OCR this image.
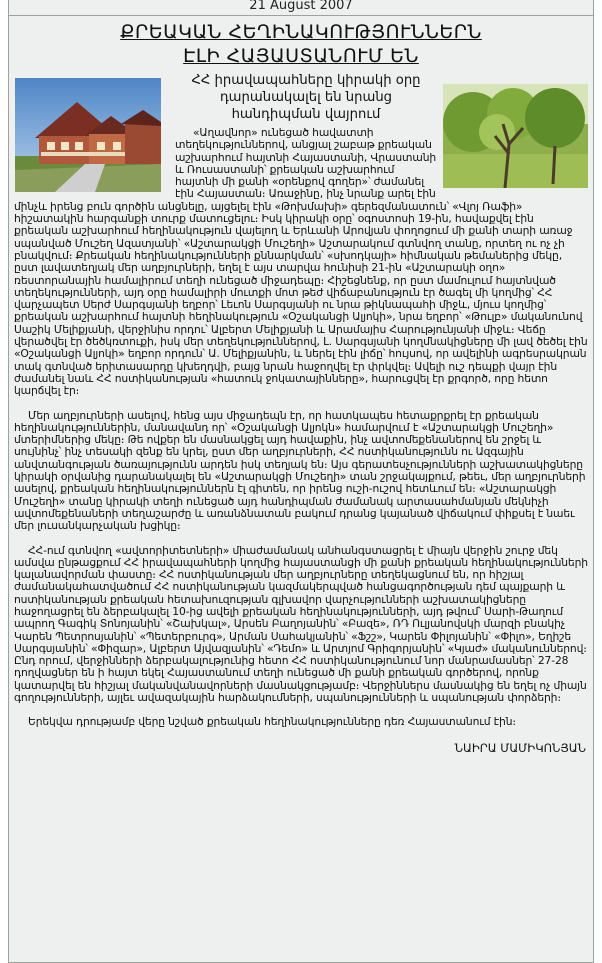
21 August 2007
ՔՐԵԱԿԱՆ ՀԵՂԻՆԱԿՈՒԹՅՈՒՆՆԵՐՆ
ԷԼԻ ՀԱՅԱՍՏԱՆՈՒՄ ԵՆ
ՀՀ իրավապահները կիրակի օրը դարանակալել են նրանց հանդիպման վայրում

«Աղավնոր» ունեցած հավատտի տեղեկություններով, անցյալ շաբաթ քրեական աշխարհում հայտնի Հայաստանի, Վրաստանի և Ռուսաստանի՝ քրեական աշխարհում հայտնի մի քանի «օրենքով գողեր»՝ ժամանել էին Հայաստան։ Առաջինը, ինչ նրանք արել էին մինչև իրենց բուն գործին անցնելը, այցելել էին «Թոխմախի» գերեզմանատուն՝ «Վլոյ Ռաֆի» հիշատակին հարգանքի տուրք մատուցելու։ Իսկ կիրակի օրը՝ օգոստոսի 19-ին, հավաքվել էին քրեական աշխարհում հեղինակություն վայելող և Երևանի Արովյան փողոցում մի քանի տարի առաջ սպանված Մուշեղ Ազատյանի՝ «Աշտարակցի Մուշեղի» Աշտարակում գտնվող տանը, որտեղ ու ոչ չի բնակվում։ Քրեական հեղինակությունների քննարկման՝ «սխոդկայի» հիմնական թեմաներից մեկը, ըստ լավատեղյակ մեր աղբյուրների, եղել է այս տարվա հունիսի 21-ին «Աշտարակի օղո» ռեստորանային համալիրում տեղի ունեցած միջադեպը։ Հիշեցնենք, որ ըստ մամուլում հայտնված տեղեկությունների, այդ օրը համալիրի մուտքի մոտ թեժ վիճաբանություն էր ծագել մի կողմից՝ ՀՀ վարչապետ Սերժ Սարգսյանի եղբոր՝ Լեւոն Սարգսյանի ու նրա թիկնապահի միջև, մյուս կողմից՝ քրեական աշխարհում հայտնի հեղինակություն «Օշականցի Ալյոկի», նրա եղբոր՝ «Թուլբ» մականունով Սաշիկ Մելիքյանի, վերջինիս որդու՝ Ալբերտ Մելիքյանի և Արամայիս Հարությունյանի միջև։ Վեճը վերածվել էր ծեծկռտուքի, իսկ մեր տեղեկություններով, Լ. Սարգսյանի կողմնակիցները մի լավ ծեծել էին «Օշականցի Ալյոկի» եղբոր որդուն՝ Ա. Մելիքյանին, և ներել էին լիճը՝ հույսով, որ ավելինի ագրեսրակրան տակ գտնված երիտասարդը կխեղդվի, բայց նրան հաջողվել էր փրկվել։ Ավելի ուշ դեպքի վայր էին ժամանել նաև ՀՀ ոստիկանության «հատուկ ջոկատայինները», հարուցվել էր քրգործ, որը հետո կարճվել էր։

Մեր աղբյուրների ասելով, հենց այս միջադեպն էր, որ հատկապես հետաքրքրել էր քրեական հեղինակություններին, մանավանդ որ՝ «Օշականցի Ալյոկն» համարվում է «Աշտարակցի Մուշեղի» մտերիմներից մեկը։ Թե ովքեր են մասնակցել այդ հավաքին, ինչ ավտոմեքենաներով են շրջել և սույնինչ՝ ինչ տեսակի զենք են կրել, ըստ մեր աղբյուրների, ՀՀ ոստիկանությունն ու Ազգային անվտանգության ծառայությունն արդեն իսկ տեղյակ են։ Այս գերատեսչությունների աշխատակիցները կիրակի օրվանից դարանակալել են «Աշտարակցի Մուշեղի» տան շրջակայքում, թեեւ, մեր աղբյուրների ասելով, քրեական հեղինակություններն էլ գիտեն, որ իրենց ուշի-ուշով հետևում են։ «Աշտարակցի Մուշեղի» տանը կիրակի տեղի ունեցած այդ հանդիպման ժամանակ արտասահմանյան մեկնիչի ավտոմեքենաների տեղաշարժը և առանձնատան բակում դրանց կայանած վիճակում փիքսել է նաեւ մեր լուսանկարչական խցիկը։

ՀՀ-ում գտնվող «ավտորիտետների» միաժամանակ անհանգստացրել է միայն վերջին շուրջ մեկ ամսվա ընթացքում ՀՀ իրավապահների կողմից հայաստանցի մի քանի քրեական հեղինակությունների կալանավորման փաստը։ ՀՀ ոստիկանության մեր աղբյուրները տեղեկացնում են, որ հիշյալ ժամանակահատվածում ՀՀ ոստիկանության կազմակերպված հանցագործության դեմ պայքարի և ոստիկանության քրեական հետախուզության գլխավոր վարչությունների աշխատակիցները հաջողացրել են ձերբակալել 10-ից ավելի քրեական հեղինակությունների, այդ թվում՝ Սարի-Թաղում ապրող Գագիկ Տոնոյանին՝ «Շախկալ», Արսեն Բաղոյանին՝ «Բազե», ՌԴ Ուլյանովսկի մարզի բնակիչ Կարեն Պետրոսյանին՝ «Պետերբուրգ», Արման Սահակյանին՝ «Ֆշշ», Կարեն Փիլոյանին՝ «Փիլո», Եղիշե Սարգսյանին՝ «Փիզար», Ալբերտ Այվազյանին՝ «Դեմո» և Արտյոմ Գրիգորյանին՝ «Կյաժ» մականուններով։ Ընդ որում, վերջինների ձերբակալությունից հետո ՀՀ ոստիկանությունում նոր մանրամասներ՝ 27-28 դողվացներ են ի հայտ եկել Հայաստանում տեղի ունեցած մի քանի քրեական գործերով, որոնք կատարվել են հիշյալ մականվանավորների մասնակցությամբ։ Վերջիններս մասնակից են եղել ոչ միայն գողությունների, այլեւ ավազակային հարձակումների, սպանությունների և սպանության փորձերի։

Երեկվա դրությամբ վերը նշված քրեական հեղինակությունները դեռ Հայաստանում էին։

ՆԱԻՐԱ ՄԱՄԻԿՈՆՅԱՆ
